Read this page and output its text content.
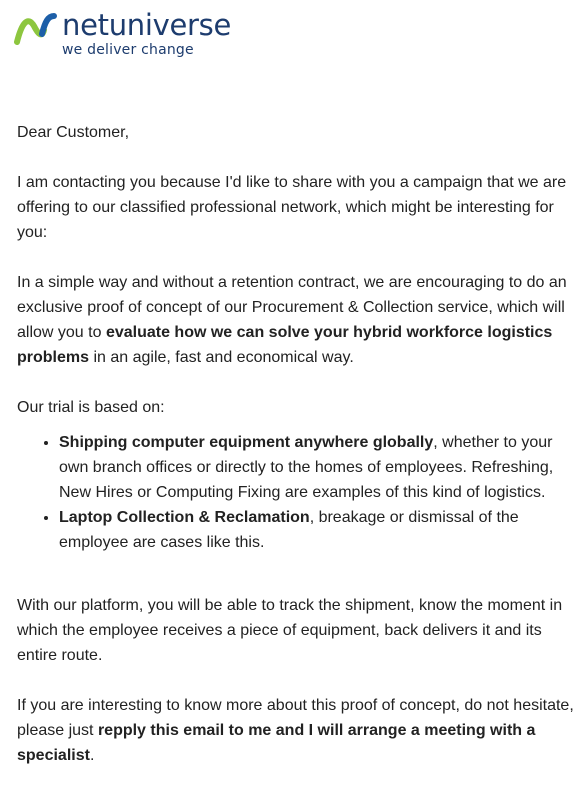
netuniverse
we deliver change

Dear Customer,

I am contacting you because I'd like to share with you a campaign that we are offering to our classified professional network, which might be interesting for you:

In a simple way and without a retention contract, we are encouraging to do an exclusive proof of concept of our Procurement & Collection service, which will allow you to evaluate how we can solve your hybrid workforce logistics problems in an agile, fast and economical way.

Our trial is based on:

• Shipping computer equipment anywhere globally, whether to your own branch offices or directly to the homes of employees. Refreshing, New Hires or Computing Fixing are examples of this kind of logistics.
• Laptop Collection & Reclamation, breakage or dismissal of the employee are cases like this.

With our platform, you will be able to track the shipment, know the moment in which the employee receives a piece of equipment, back delivers it and its entire route.

If you are interesting to know more about this proof of concept, do not hesitate, please just repply this email to me and I will arrange a meeting with a specialist.
